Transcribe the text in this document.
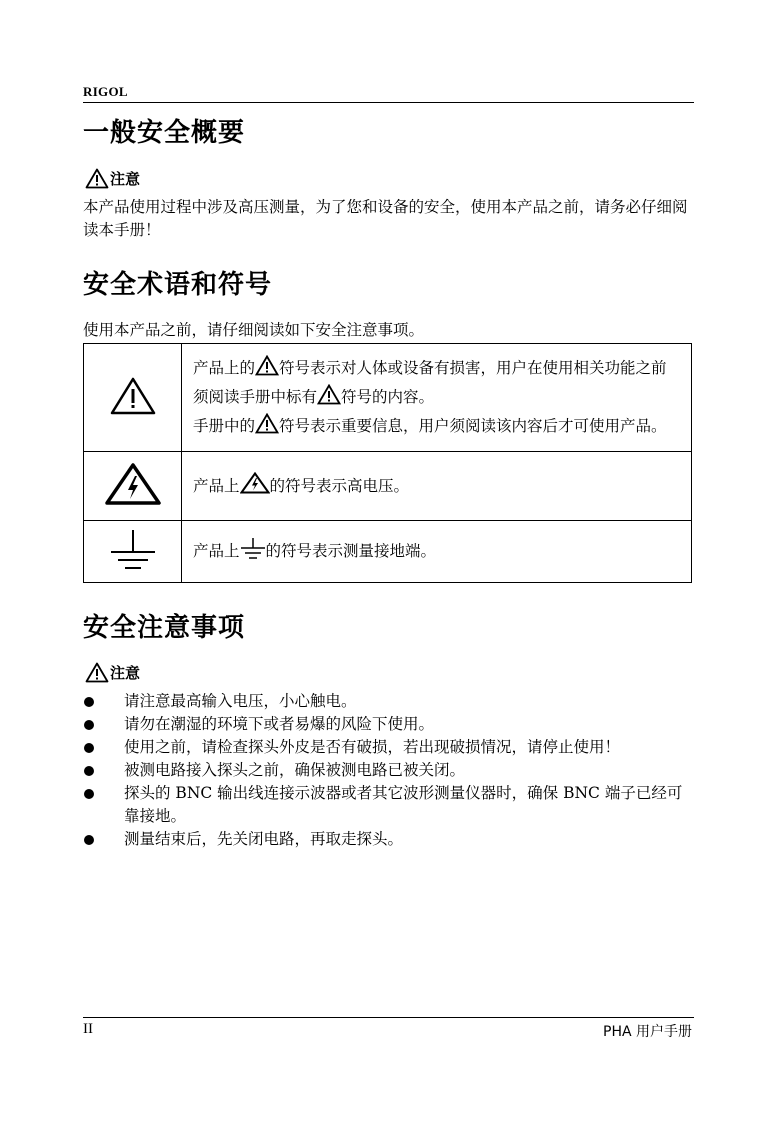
RIGOL
一般安全概要
注意
本产品使用过程中涉及高压测量，为了您和设备的安全，使用本产品之前，请务必仔细阅读本手册！
安全术语和符号
使用本产品之前，请仔细阅读如下安全注意事项。
	产品上的 符号表示对人体或设备有损害，用户在使用相关功能之前须阅读手册中标有 符号的内容。
手册中的 符号表示重要信息，用户须阅读该内容后才可使用产品。
	产品上 的符号表示高电压。
	产品上 的符号表示测量接地端。
安全注意事项
注意
请注意最高输入电压，小心触电。
请勿在潮湿的环境下或者易爆的风险下使用。
使用之前，请检查探头外皮是否有破损，若出现破损情况，请停止使用！
被测电路接入探头之前，确保被测电路已被关闭。
探头的 BNC 输出线连接示波器或者其它波形测量仪器时，确保 BNC 端子已经可靠接地。
测量结束后，先关闭电路，再取走探头。
II	PHA 用户手册
